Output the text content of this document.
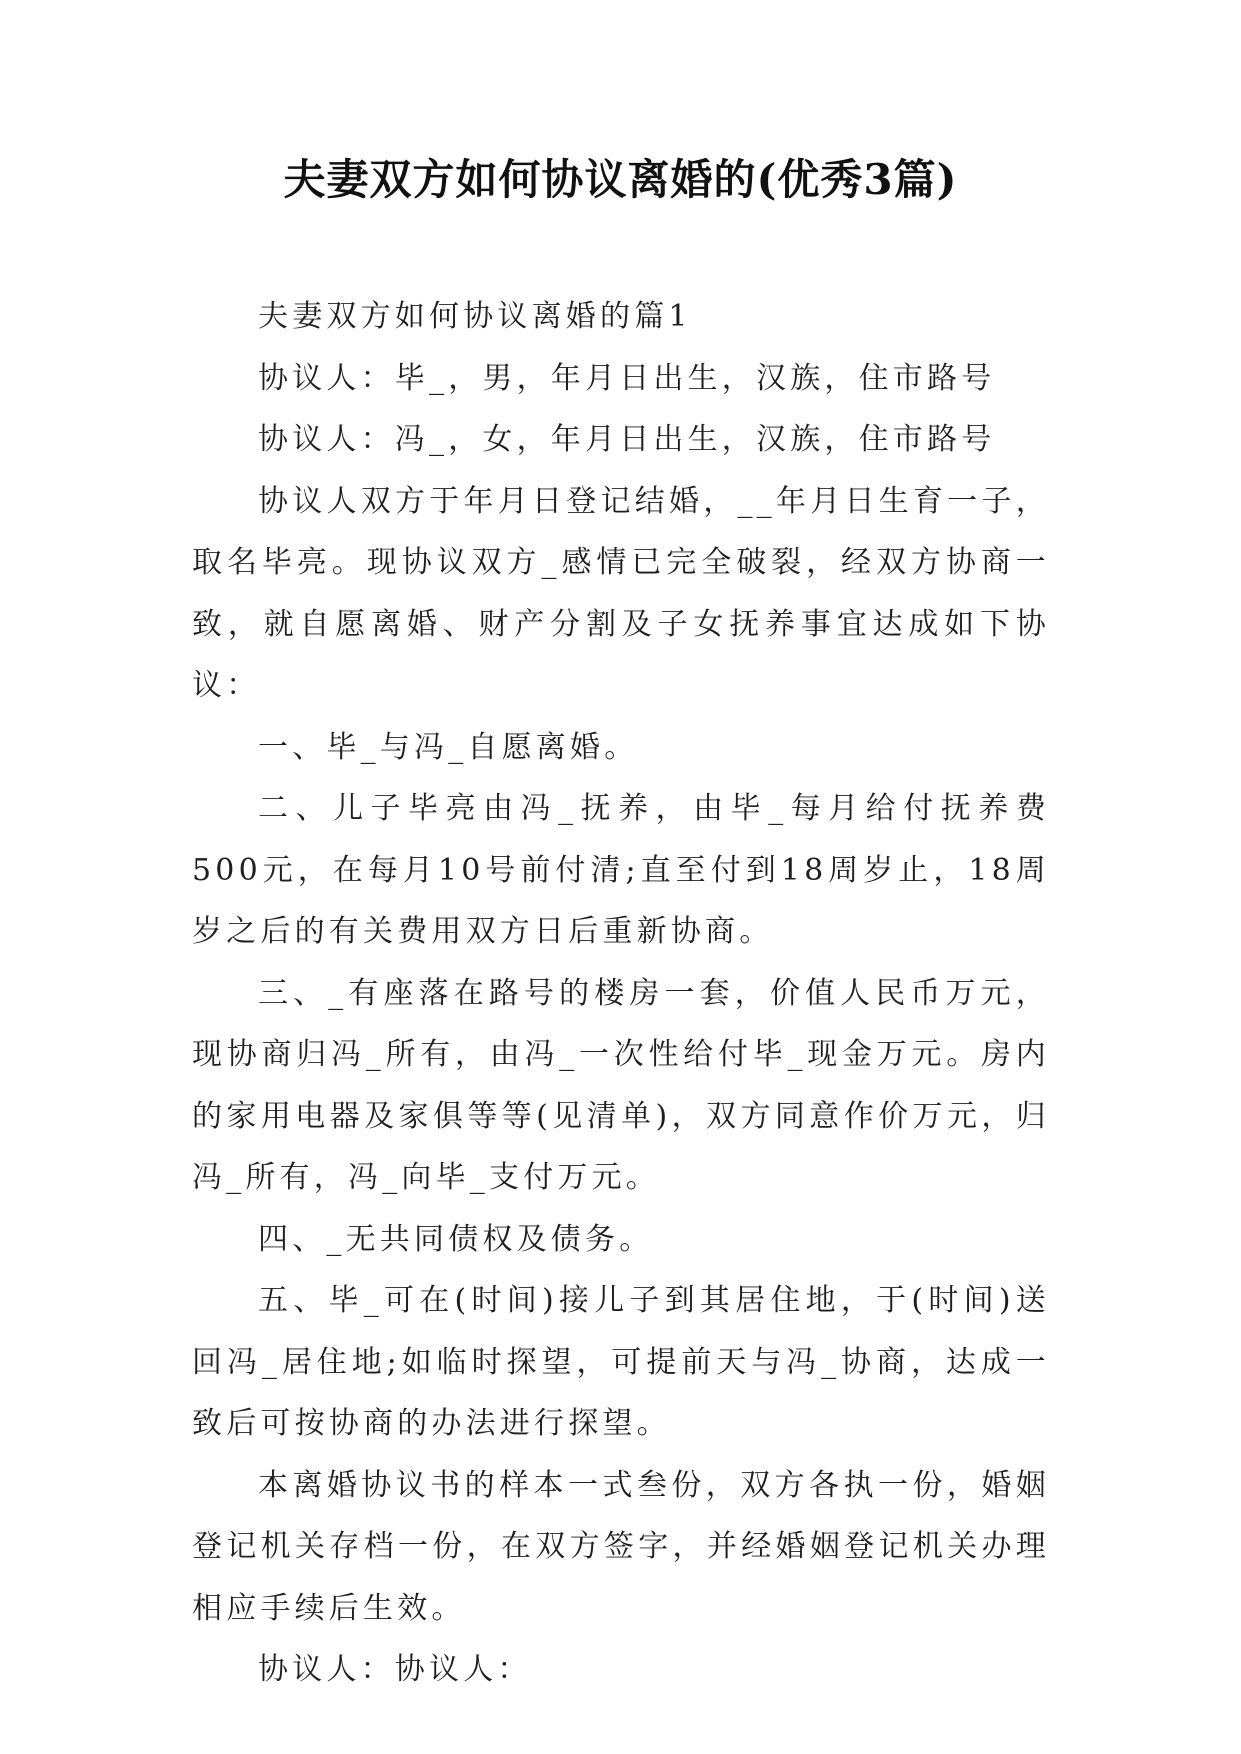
夫妻双方如何协议离婚的(优秀3篇)

夫妻双方如何协议离婚的篇1

协议人：毕_，男，年月日出生，汉族，住市路号

协议人：冯_，女，年月日出生，汉族，住市路号

协议人双方于年月日登记结婚，__年月日生育一子，取名毕亮。现协议双方_感情已完全破裂，经双方协商一致，就自愿离婚、财产分割及子女抚养事宜达成如下协议：

一、毕_与冯_自愿离婚。

二、儿子毕亮由冯_抚养，由毕_每月给付抚养费500元，在每月10号前付清;直至付到18周岁止，18周岁之后的有关费用双方日后重新协商。

三、_有座落在路号的楼房一套，价值人民币万元，现协商归冯_所有，由冯_一次性给付毕_现金万元。房内的家用电器及家俱等等(见清单)，双方同意作价万元，归冯_所有，冯_向毕_支付万元。

四、_无共同债权及债务。

五、毕_可在(时间)接儿子到其居住地，于(时间)送回冯_居住地;如临时探望，可提前天与冯_协商，达成一致后可按协商的办法进行探望。

本离婚协议书的样本一式叁份，双方各执一份，婚姻登记机关存档一份，在双方签字，并经婚姻登记机关办理相应手续后生效。

协议人：协议人：
